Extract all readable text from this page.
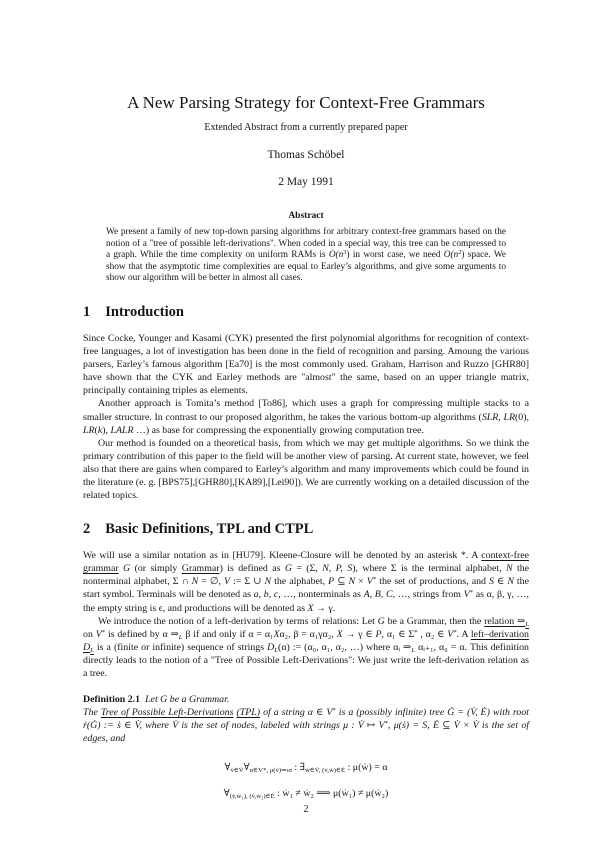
A New Parsing Strategy for Context-Free Grammars
Extended Abstract from a currently prepared paper
Thomas Schöbel
2 May 1991
Abstract

We present a family of new top-down parsing algorithms for arbitrary context-free grammars based on the notion of a "tree of possible left-derivations". When coded in a special way, this tree can be compressed to a graph. While the time complexity on uniform RAMs is $O(n^3)$ in worst case, we need $O(n^2)$ space. We show that the asymptotic time complexities are equal to Earley’s algorithms, and give some arguments to show our algorithm will be better in almost all cases.

1 Introduction

Since Cocke, Younger and Kasami (CYK) presented the first polynomial algorithms for recognition of context-free languages, a lot of investigation has been done in the field of recognition and parsing. Amoung the various parsers, Earley’s famous algorithm [Ea70] is the most commonly used. Graham, Harrison and Ruzzo [GHR80] have shown that the CYK and Earley methods are "almost" the same, based on an upper triangle matrix, principally containing triples as elements.

Another approach is Tomita’s method [To86], which uses a graph for compressing multiple stacks to a smaller structure. In contrast to our proposed algorithm, he takes the various bottom-up algorithms (SLR, LR(0), LR(k), LALR …) as base for compressing the exponentially growing computation tree.

Our method is founded on a theoretical basis, from which we may get multiple algorithms. So we think the primary contribution of this paper to the field will be another view of parsing. At current state, however, we feel also that there are gains when compared to Earley’s algorithm and many improvements which could be found in the literature (e. g. [BPS75],[GHR80],[KA89],[Lei90]). We are currently working on a detailed discussion of the related topics.

2 Basic Definitions, TPL and CTPL

We will use a similar notation as in [HU79]. Kleene-Closure will be denoted by an asterisk *. A context-free grammar G (or simply Grammar) is defined as G = (Σ, N, P, S), where Σ is the terminal alphabet, N the nonterminal alphabet, Σ ∩ N = ∅, V := Σ ∪ N the alphabet, P ⊆ N × V* the set of productions, and S ∈ N the start symbol. Terminals will be denoted as a, b, c, …, nonterminals as A, B, C, …, strings from V* as α, β, γ, …, the empty string is ϵ, and productions will be denoted as X → γ.

We introduce the notion of a left-derivation by terms of relations: Let G be a Grammar, then the relation $\Rightarrow_L$ on V* is defined by α $\Rightarrow_L$ β if and only if α = α₁Xα₂, β = α₁γα₂, X → γ ∈ P, α₁ ∈ Σ* , α₂ ∈ V*. A left–derivation $D_L$ is a (finite or infinite) sequence of strings $D_L(\alpha)$ := (α₀, α₁, α₂, …) where αᵢ $\Rightarrow_L$ αᵢ₊₁, α₀ = α. This definition directly leads to the notion of a "Tree of Possible Left-Derivations": We just write the left-derivation relation as a tree.

Definition 2.1 Let G be a Grammar.

The Tree of Possible Left-Derivations (TPL) of a string α ∈ V* is a (possibly infinite) tree Ġ = (V̇, Ė) with root ṙ(Ġ) := ṡ ∈ V̇, where V̇ is the set of nodes, labeled with strings μ : V̇ ↦ V*, μ(ṡ) = S, Ė ⊆ V̇ × V̇ is the set of edges, and

$\forall_{v̇\in V̇}\forall_{\alpha\in V*, \mu(v̇)\Rightarrow_l\alpha}$ : $\exists_{ẇ\in V̇, (v̇,ẇ)\in Ė}$ : μ(ẇ) = α
$\forall_{(v̇,ẇ_1), (v̇,ẇ_2)\in Ė}$ : ẇ₁ ≠ ẇ₂ ⟹ μ(ẇ₁) ≠ μ(ẇ₂)
2
